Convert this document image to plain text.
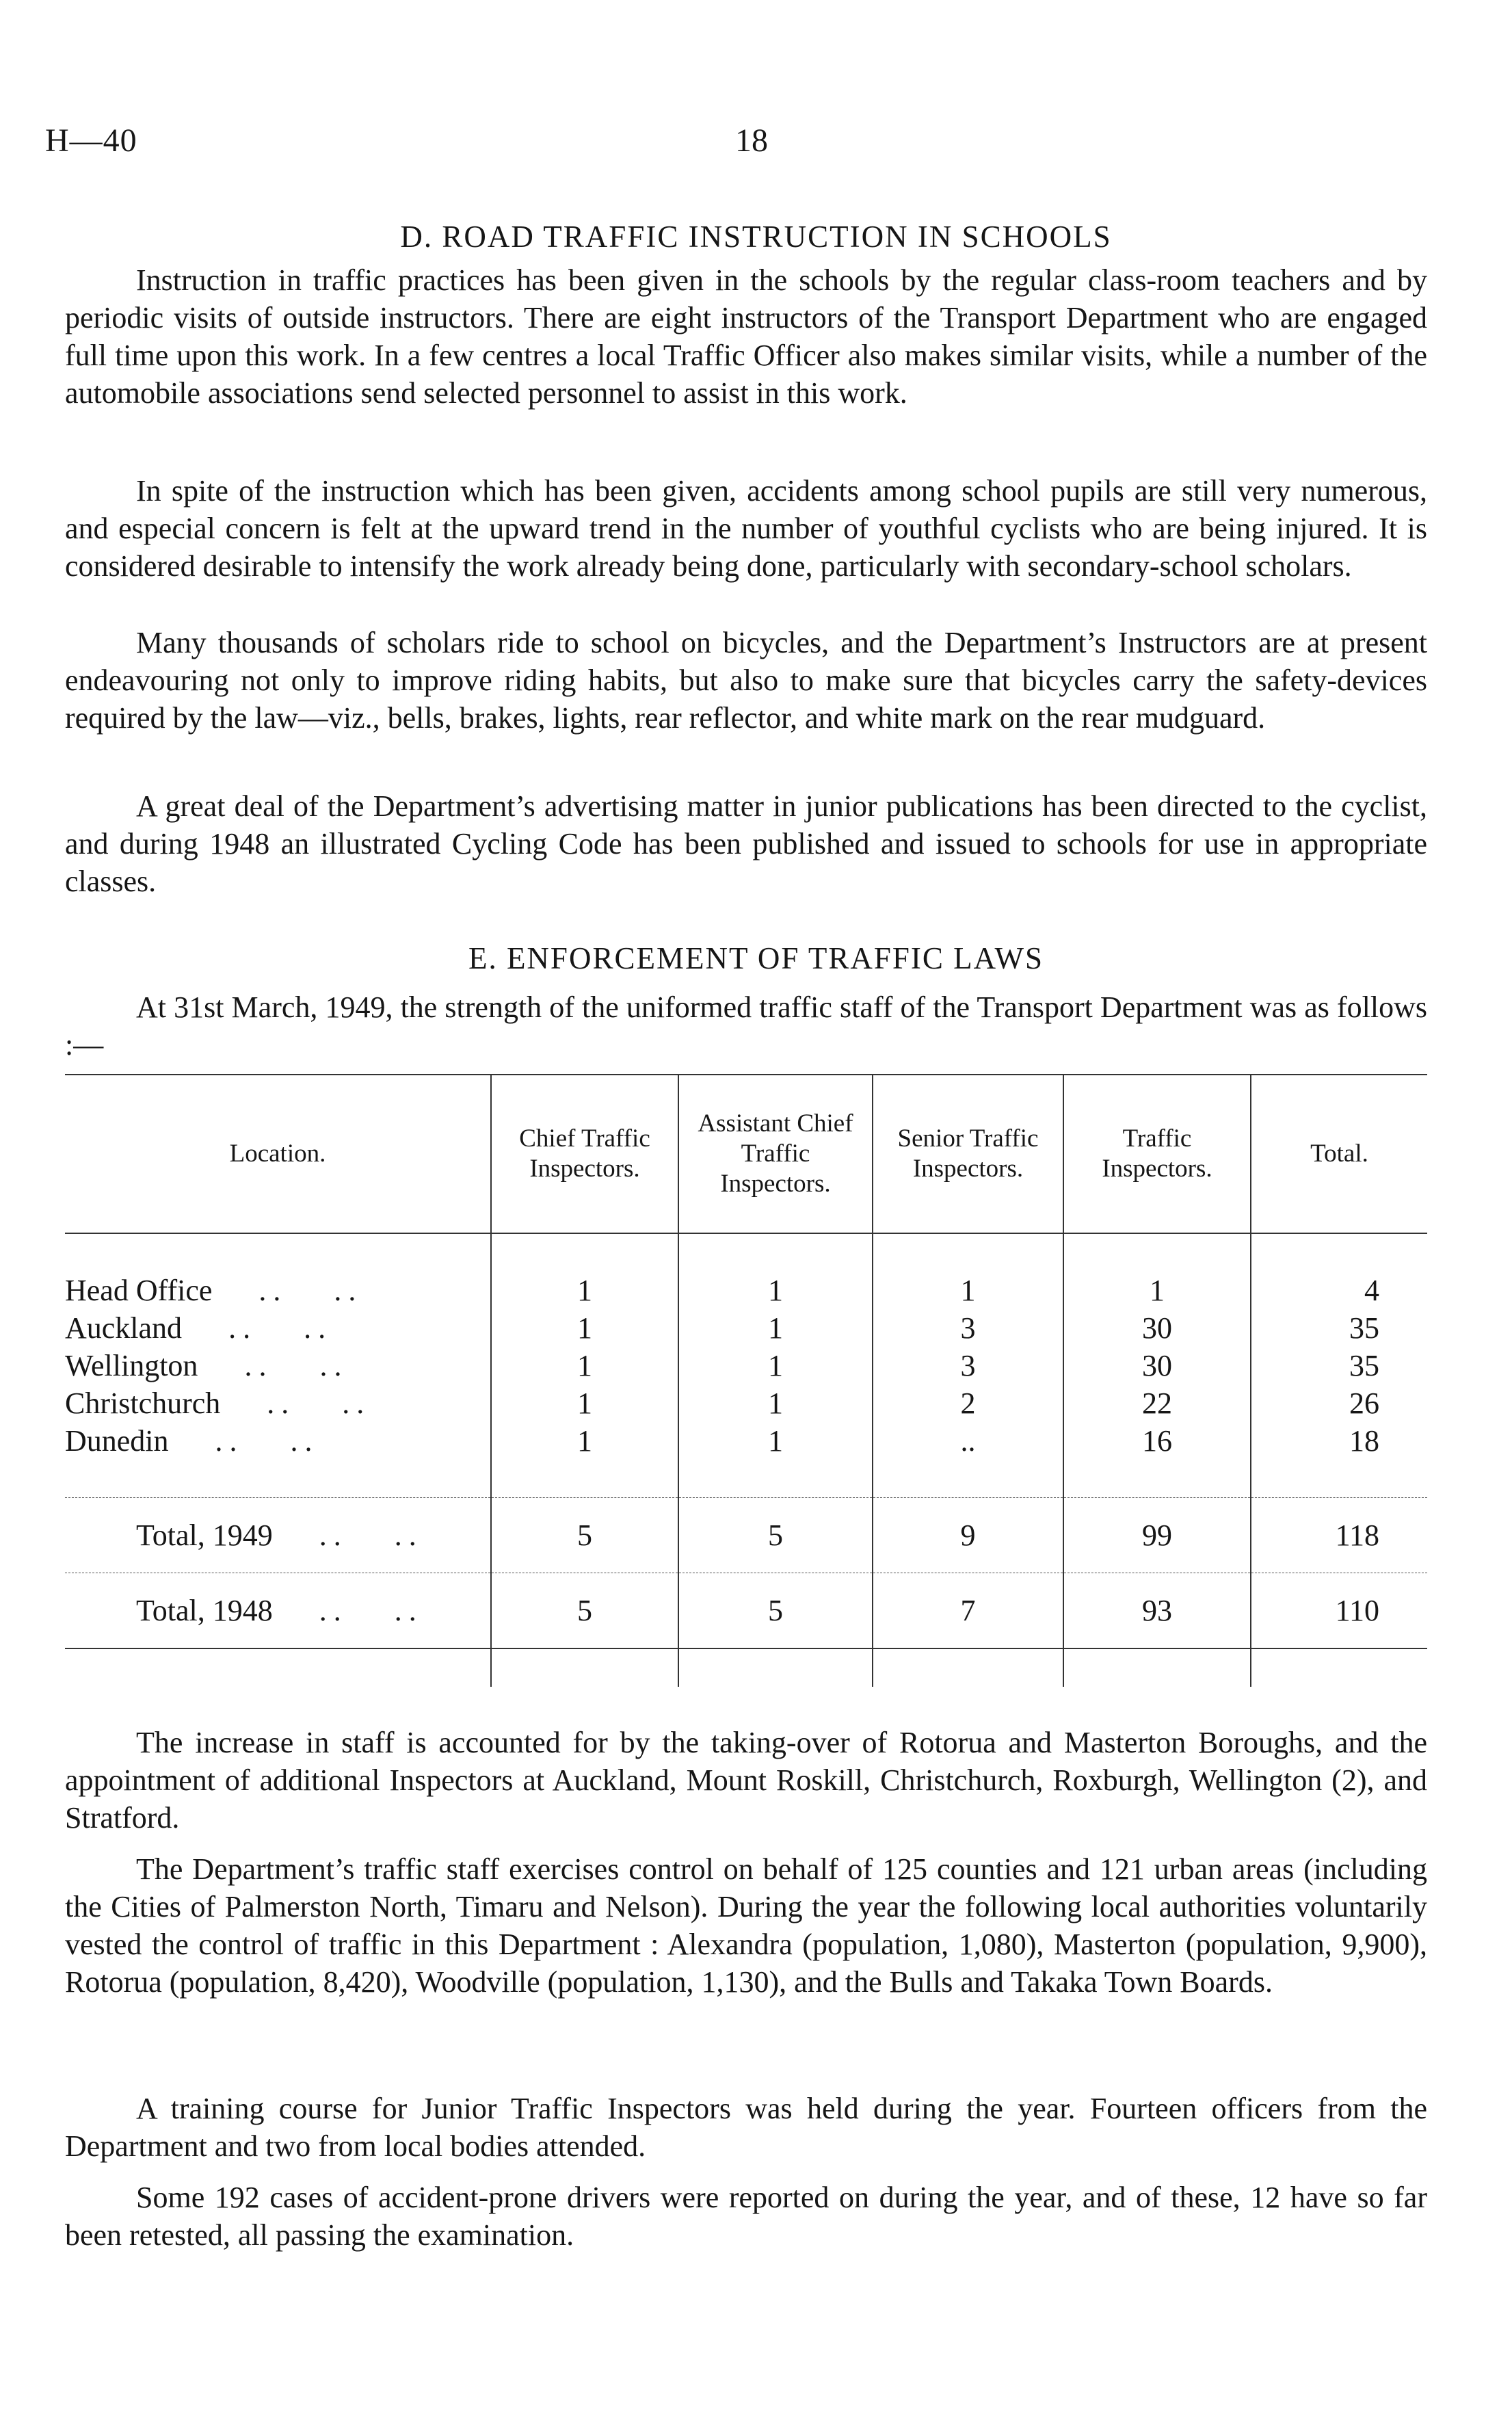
H—40	18
D. ROAD TRAFFIC INSTRUCTION IN SCHOOLS

Instruction in traffic practices has been given in the schools by the regular class-room teachers and by periodic visits of outside instructors. There are eight instructors of the Transport Department who are engaged full time upon this work. In a few centres a local Traffic Officer also makes similar visits, while a number of the automobile associations send selected personnel to assist in this work.

In spite of the instruction which has been given, accidents among school pupils are still very numerous, and especial concern is felt at the upward trend in the number of youthful cyclists who are being injured. It is considered desirable to intensify the work already being done, particularly with secondary-school scholars.

Many thousands of scholars ride to school on bicycles, and the Department’s Instructors are at present endeavouring not only to improve riding habits, but also to make sure that bicycles carry the safety-devices required by the law—viz., bells, brakes, lights, rear reflector, and white mark on the rear mudguard.

A great deal of the Department’s advertising matter in junior publications has been directed to the cyclist, and during 1948 an illustrated Cycling Code has been published and issued to schools for use in appropriate classes.

E. ENFORCEMENT OF TRAFFIC LAWS

At 31st March, 1949, the strength of the uniformed traffic staff of the Transport Department was as follows :—

Location.	Chief Traffic Inspectors.	Assistant Chief Traffic Inspectors.	Senior Traffic Inspectors.	Traffic Inspectors.	Total.

Head Office .. ..	1	1	1	1	4
Auckland .. ..	1	1	3	30	35
Wellington .. ..	1	1	3	30	35
Christchurch .. ..	1	1	2	22	26
Dunedin .. ..	1	1	..	16	18

Total, 1949 .. ..	5	5	9	99	118
Total, 1948 .. ..	5	5	7	93	110

The increase in staff is accounted for by the taking-over of Rotorua and Masterton Boroughs, and the appointment of additional Inspectors at Auckland, Mount Roskill, Christchurch, Roxburgh, Wellington (2), and Stratford.

The Department’s traffic staff exercises control on behalf of 125 counties and 121 urban areas (including the Cities of Palmerston North, Timaru and Nelson). During the year the following local authorities voluntarily vested the control of traffic in this Department : Alexandra (population, 1,080), Masterton (population, 9,900), Rotorua (population, 8,420), Woodville (population, 1,130), and the Bulls and Takaka Town Boards.

A training course for Junior Traffic Inspectors was held during the year. Fourteen officers from the Department and two from local bodies attended.

Some 192 cases of accident-prone drivers were reported on during the year, and of these, 12 have so far been retested, all passing the examination.
